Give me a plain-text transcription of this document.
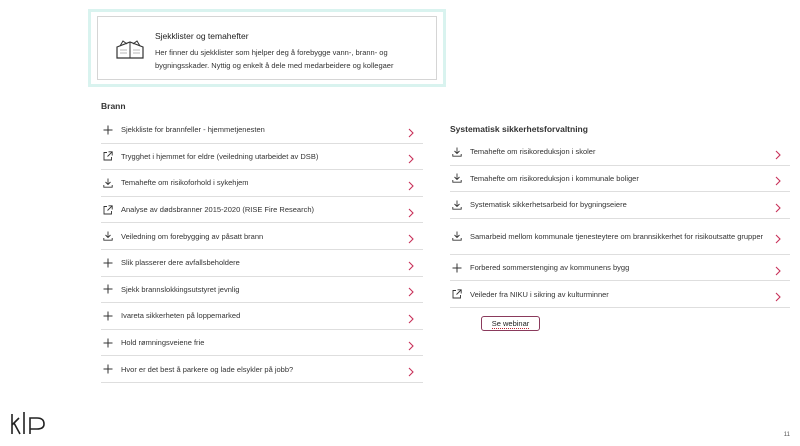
Sjekklister og temahefter
Her finner du sjekklister som hjelper deg å forebygge vann-, brann- og bygningsskader. Nyttig og enkelt å dele med medarbeidere og kollegaer
Brann
Sjekkliste for brannfeller - hjemmetjenesten
Trygghet i hjemmet for eldre (veiledning utarbeidet av DSB)
Temahefte om risikoforhold i sykehjem
Analyse av dødsbranner 2015-2020 (RISE Fire Research)
Veiledning om forebygging av påsatt brann
Slik plasserer dere avfallsbeholdere
Sjekk brannslokkingsutstyret jevnlig
Ivareta sikkerheten på loppemarked
Hold rømningsveiene frie
Hvor er det best å parkere og lade elsykler på jobb?
Systematisk sikkerhetsforvaltning
Temahefte om risikoreduksjon i skoler
Temahefte om risikoreduksjon i kommunale boliger
Systematisk sikkerhetsarbeid for bygningseiere
Samarbeid mellom kommunale tjenesteytere om brannsikkerhet for risikoutsatte grupper
Forbered sommerstenging av kommunens bygg
Veileder fra NIKU i sikring av kulturminner
Se webinar
11
